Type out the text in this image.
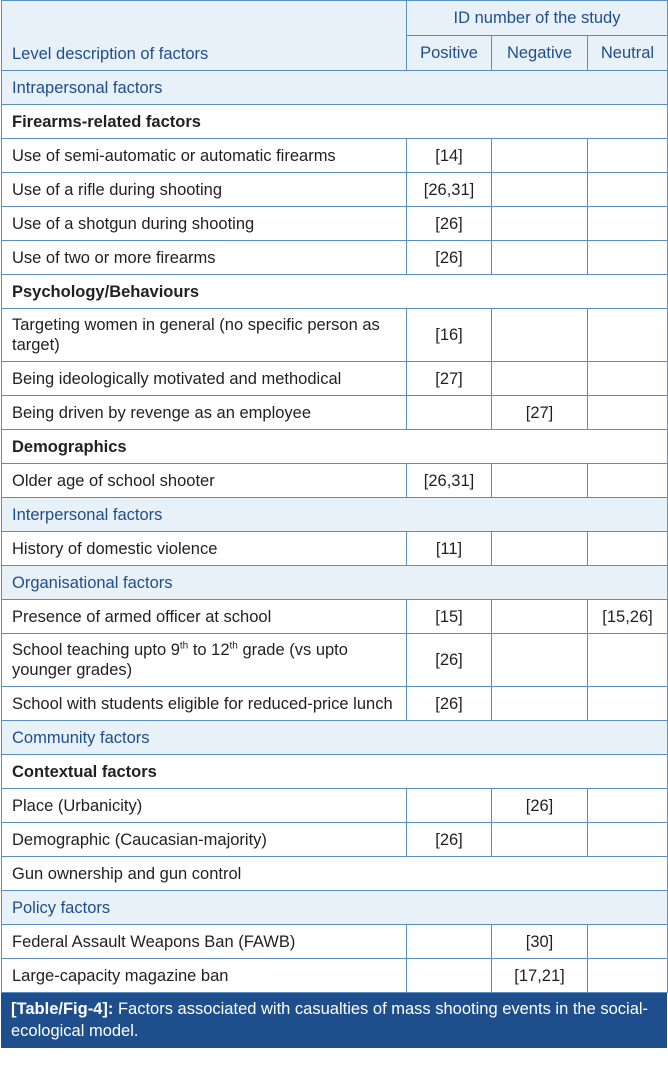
Level description of factors	ID number of the study		
	Positive	Negative	Neutral
Intrapersonal factors			
Firearms-related factors			
Use of semi-automatic or automatic firearms	[14]		
Use of a rifle during shooting	[26,31]		
Use of a shotgun during shooting	[26]		
Use of two or more firearms	[26]		
Psychology/Behaviours			
Targeting women in general (no specific person as target)	[16]		
Being ideologically motivated and methodical	[27]		
Being driven by revenge as an employee		[27]	
Demographics			
Older age of school shooter	[26,31]		
Interpersonal factors			
History of domestic violence	[11]		
Organisational factors			
Presence of armed officer at school	[15]		[15,26]
School teaching upto 9th to 12th grade (vs upto younger grades)	[26]		
School with students eligible for reduced-price lunch	[26]		
Community factors			
Contextual factors			
Place (Urbanicity)		[26]	
Demographic (Caucasian-majority)	[26]		
Gun ownership and gun control			
Policy factors			
Federal Assault Weapons Ban (FAWB)		[30]	
Large-capacity magazine ban		[17,21]	
[Table/Fig-4]: Factors associated with casualties of mass shooting events in the social-ecological model.
